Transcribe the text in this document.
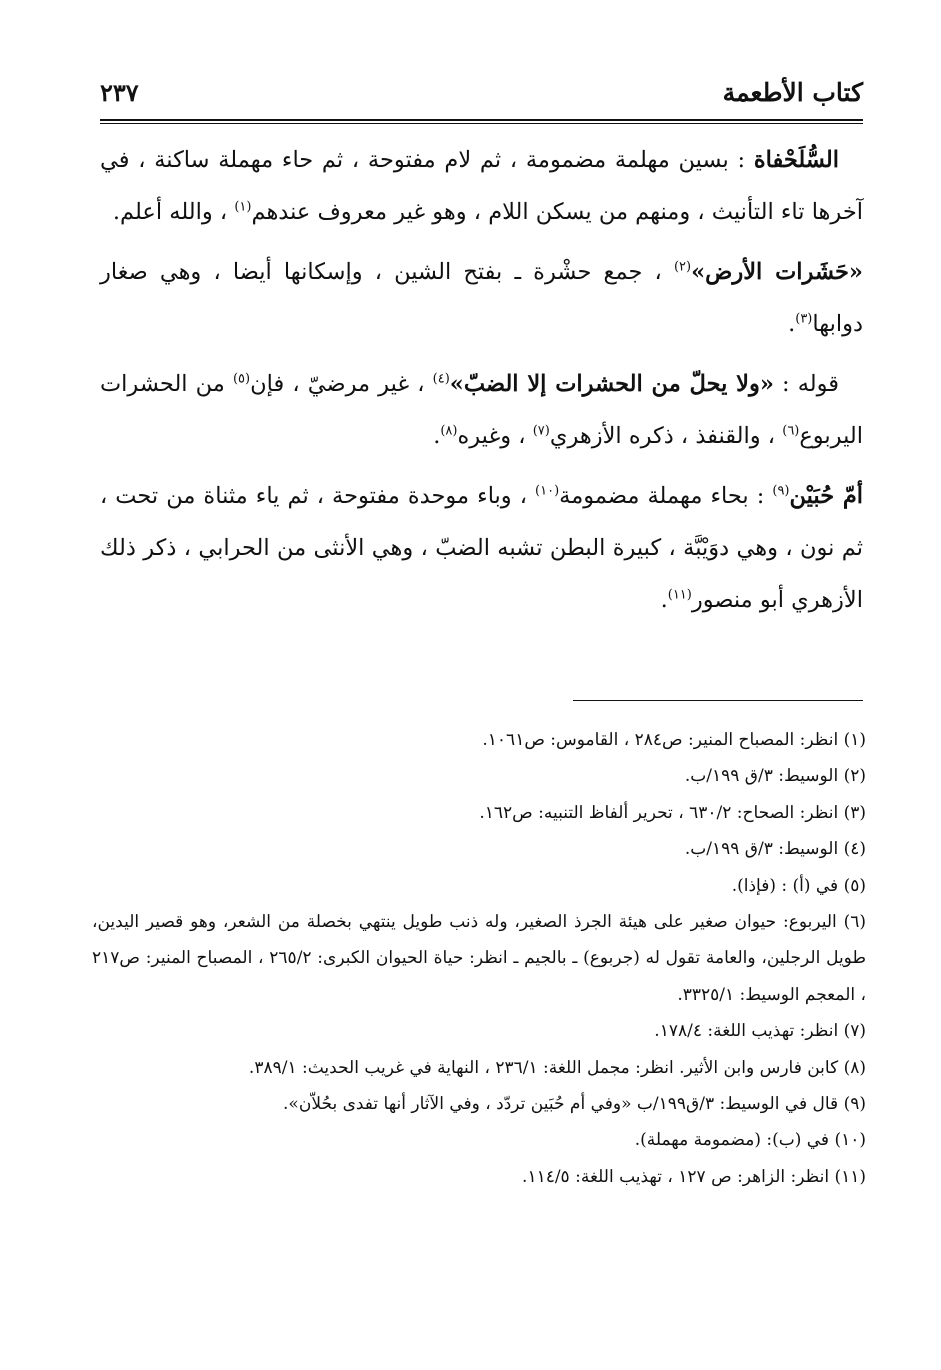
كتاب الأطعمة
٢٣٧

السُّلَحْفاة : بسين مهلمة مضمومة ، ثم لام مفتوحة ، ثم حاء مهملة ساكنة ، في آخرها تاء التأنيث ، ومنهم من يسكن اللام ، وهو غير معروف عندهم$^{(١)}$ ، والله أعلم.

«حَشَرات الأرض»$^{(٢)}$ ، جمع حشْرة ـ بفتح الشين ، وإسكانها أيضا ، وهي صغار دوابها$^{(٣)}$.

قوله : «ولا يحلّ من الحشرات إلا الضبّ»$^{(٤)}$ ، غير مرضيّ ، فإن$^{(٥)}$ من الحشرات اليربوع$^{(٦)}$ ، والقنفذ ، ذكره الأزهري$^{(٧)}$ ، وغيره$^{(٨)}$.

أمّ حُبَيْن$^{(٩)}$ : بحاء مهملة مضمومة$^{(١٠)}$ ، وباء موحدة مفتوحة ، ثم ياء مثناة من تحت ، ثم نون ، وهي دوَيْبَّة ، كبيرة البطن تشبه الضبّ ، وهي الأنثى من الحرابي ، ذكر ذلك الأزهري أبو منصور$^{(١١)}$.

(١) انظر: المصباح المنير: ص٢٨٤ ، القاموس: ص١٠٦١.

(٢) الوسيط: ٣/ق ١٩٩/ب.

(٣) انظر: الصحاح: ٦٣٠/٢ ، تحرير ألفاظ التنبيه: ص١٦٢.

(٤) الوسيط: ٣/ق ١٩٩/ب.

(٥) في (أ) : (فإذا).

(٦) اليربوع: حيوان صغير على هيئة الجرذ الصغير، وله ذنب طويل ينتهي بخصلة من الشعر، وهو قصير اليدين، طويل الرجلين، والعامة تقول له (جربوع) ـ بالجيم ـ انظر: حياة الحيوان الكبرى: ٢٦٥/٢ ، المصباح المنير: ص٢١٧ ، المعجم الوسيط: ٣٣٢٥/١.

(٧) انظر: تهذيب اللغة: ١٧٨/٤.

(٨) كابن فارس وابن الأثير. انظر: مجمل اللغة: ٢٣٦/١ ، النهاية في غريب الحديث: ٣٨٩/١.

(٩) قال في الوسيط: ٣/ق١٩٩/ب «وفي أم حُبَين تردّد ، وفي الآثار أنها تفدى بحُلاّن».

(١٠) في (ب): (مضمومة مهملة).

(١١) انظر: الزاهر: ص ١٢٧ ، تهذيب اللغة: ١١٤/٥.
